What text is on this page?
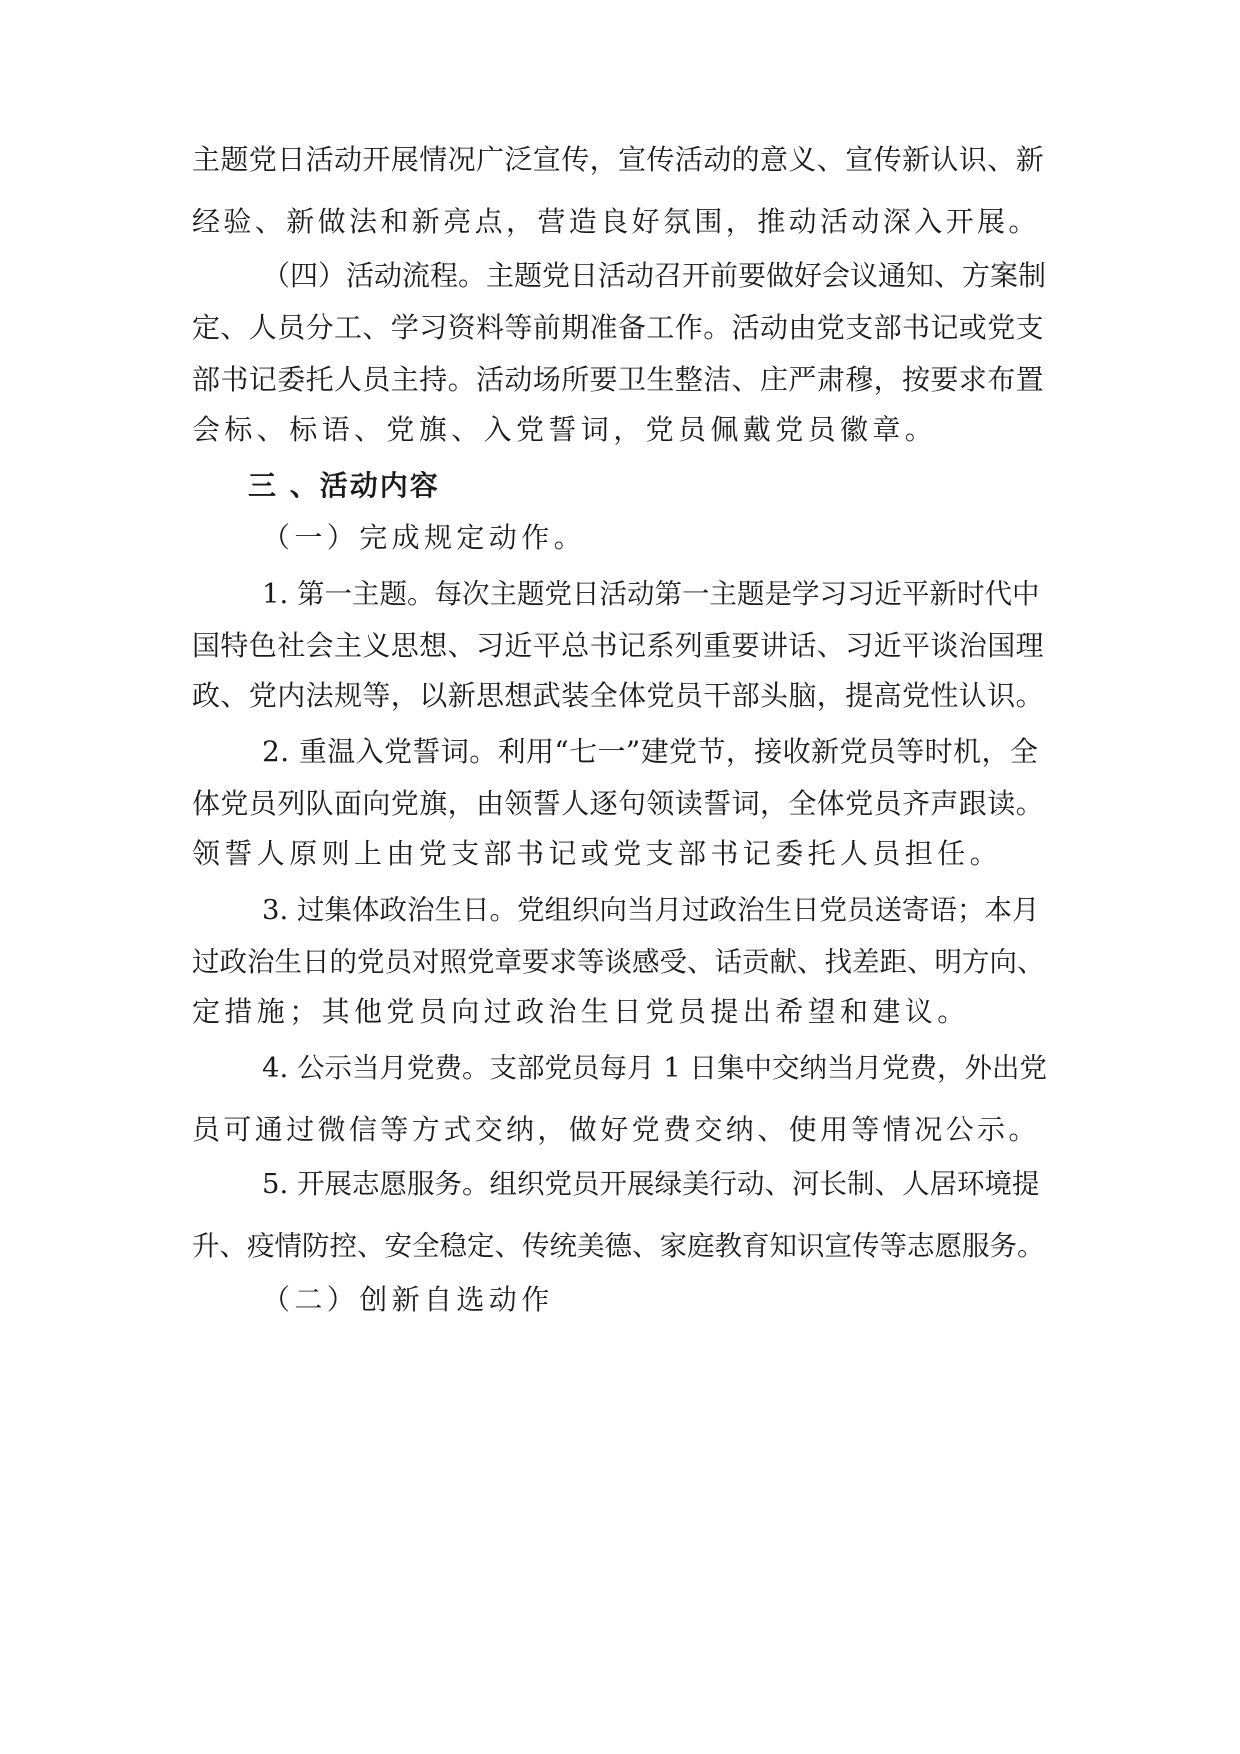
主题党日活动开展情况广泛宣传，宣传活动的意义、宣传新认识、新
经验、新做法和新亮点，营造良好氛围，推动活动深入开展。
（四）活动流程。主题党日活动召开前要做好会议通知、方案制
定、人员分工、学习资料等前期准备工作。活动由党支部书记或党支
部书记委托人员主持。活动场所要卫生整洁、庄严肃穆，按要求布置
会标、标语、党旗、入党誓词，党员佩戴党员徽章。
三 、活动内容
（一）完成规定动作。
1. 第一主题。每次主题党日活动第一主题是学习习近平新时代中
国特色社会主义思想、习近平总书记系列重要讲话、习近平谈治国理
政、党内法规等，以新思想武装全体党员干部头脑，提高党性认识。
2. 重温入党誓词。利用“七一”建党节，接收新党员等时机，全
体党员列队面向党旗，由领誓人逐句领读誓词，全体党员齐声跟读。
领誓人原则上由党支部书记或党支部书记委托人员担任。
3. 过集体政治生日。党组织向当月过政治生日党员送寄语；本月
过政治生日的党员对照党章要求等谈感受、话贡献、找差距、明方向、
定措施；其他党员向过政治生日党员提出希望和建议。
4. 公示当月党费。支部党员每月 1 日集中交纳当月党费，外出党
员可通过微信等方式交纳，做好党费交纳、使用等情况公示。
5. 开展志愿服务。组织党员开展绿美行动、河长制、人居环境提
升、疫情防控、安全稳定、传统美德、家庭教育知识宣传等志愿服务。
（二）创新自选动作
